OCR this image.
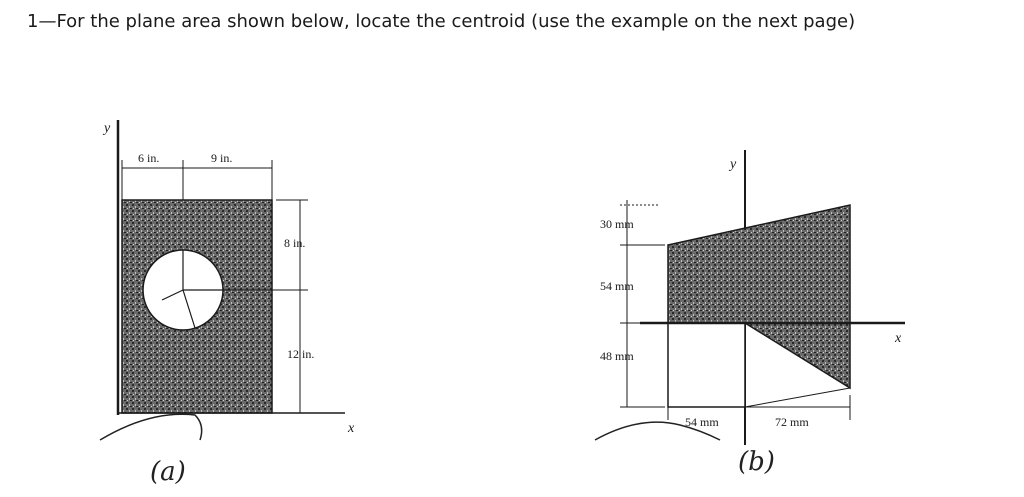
1—For the plane area shown below, locate the centroid (use the example on the next page)
y
6 in.	9 in.
8 in.
12 in.
x
(a)
y
x
30 mm
54 mm
48 mm
54 mm	72 mm
(b)
